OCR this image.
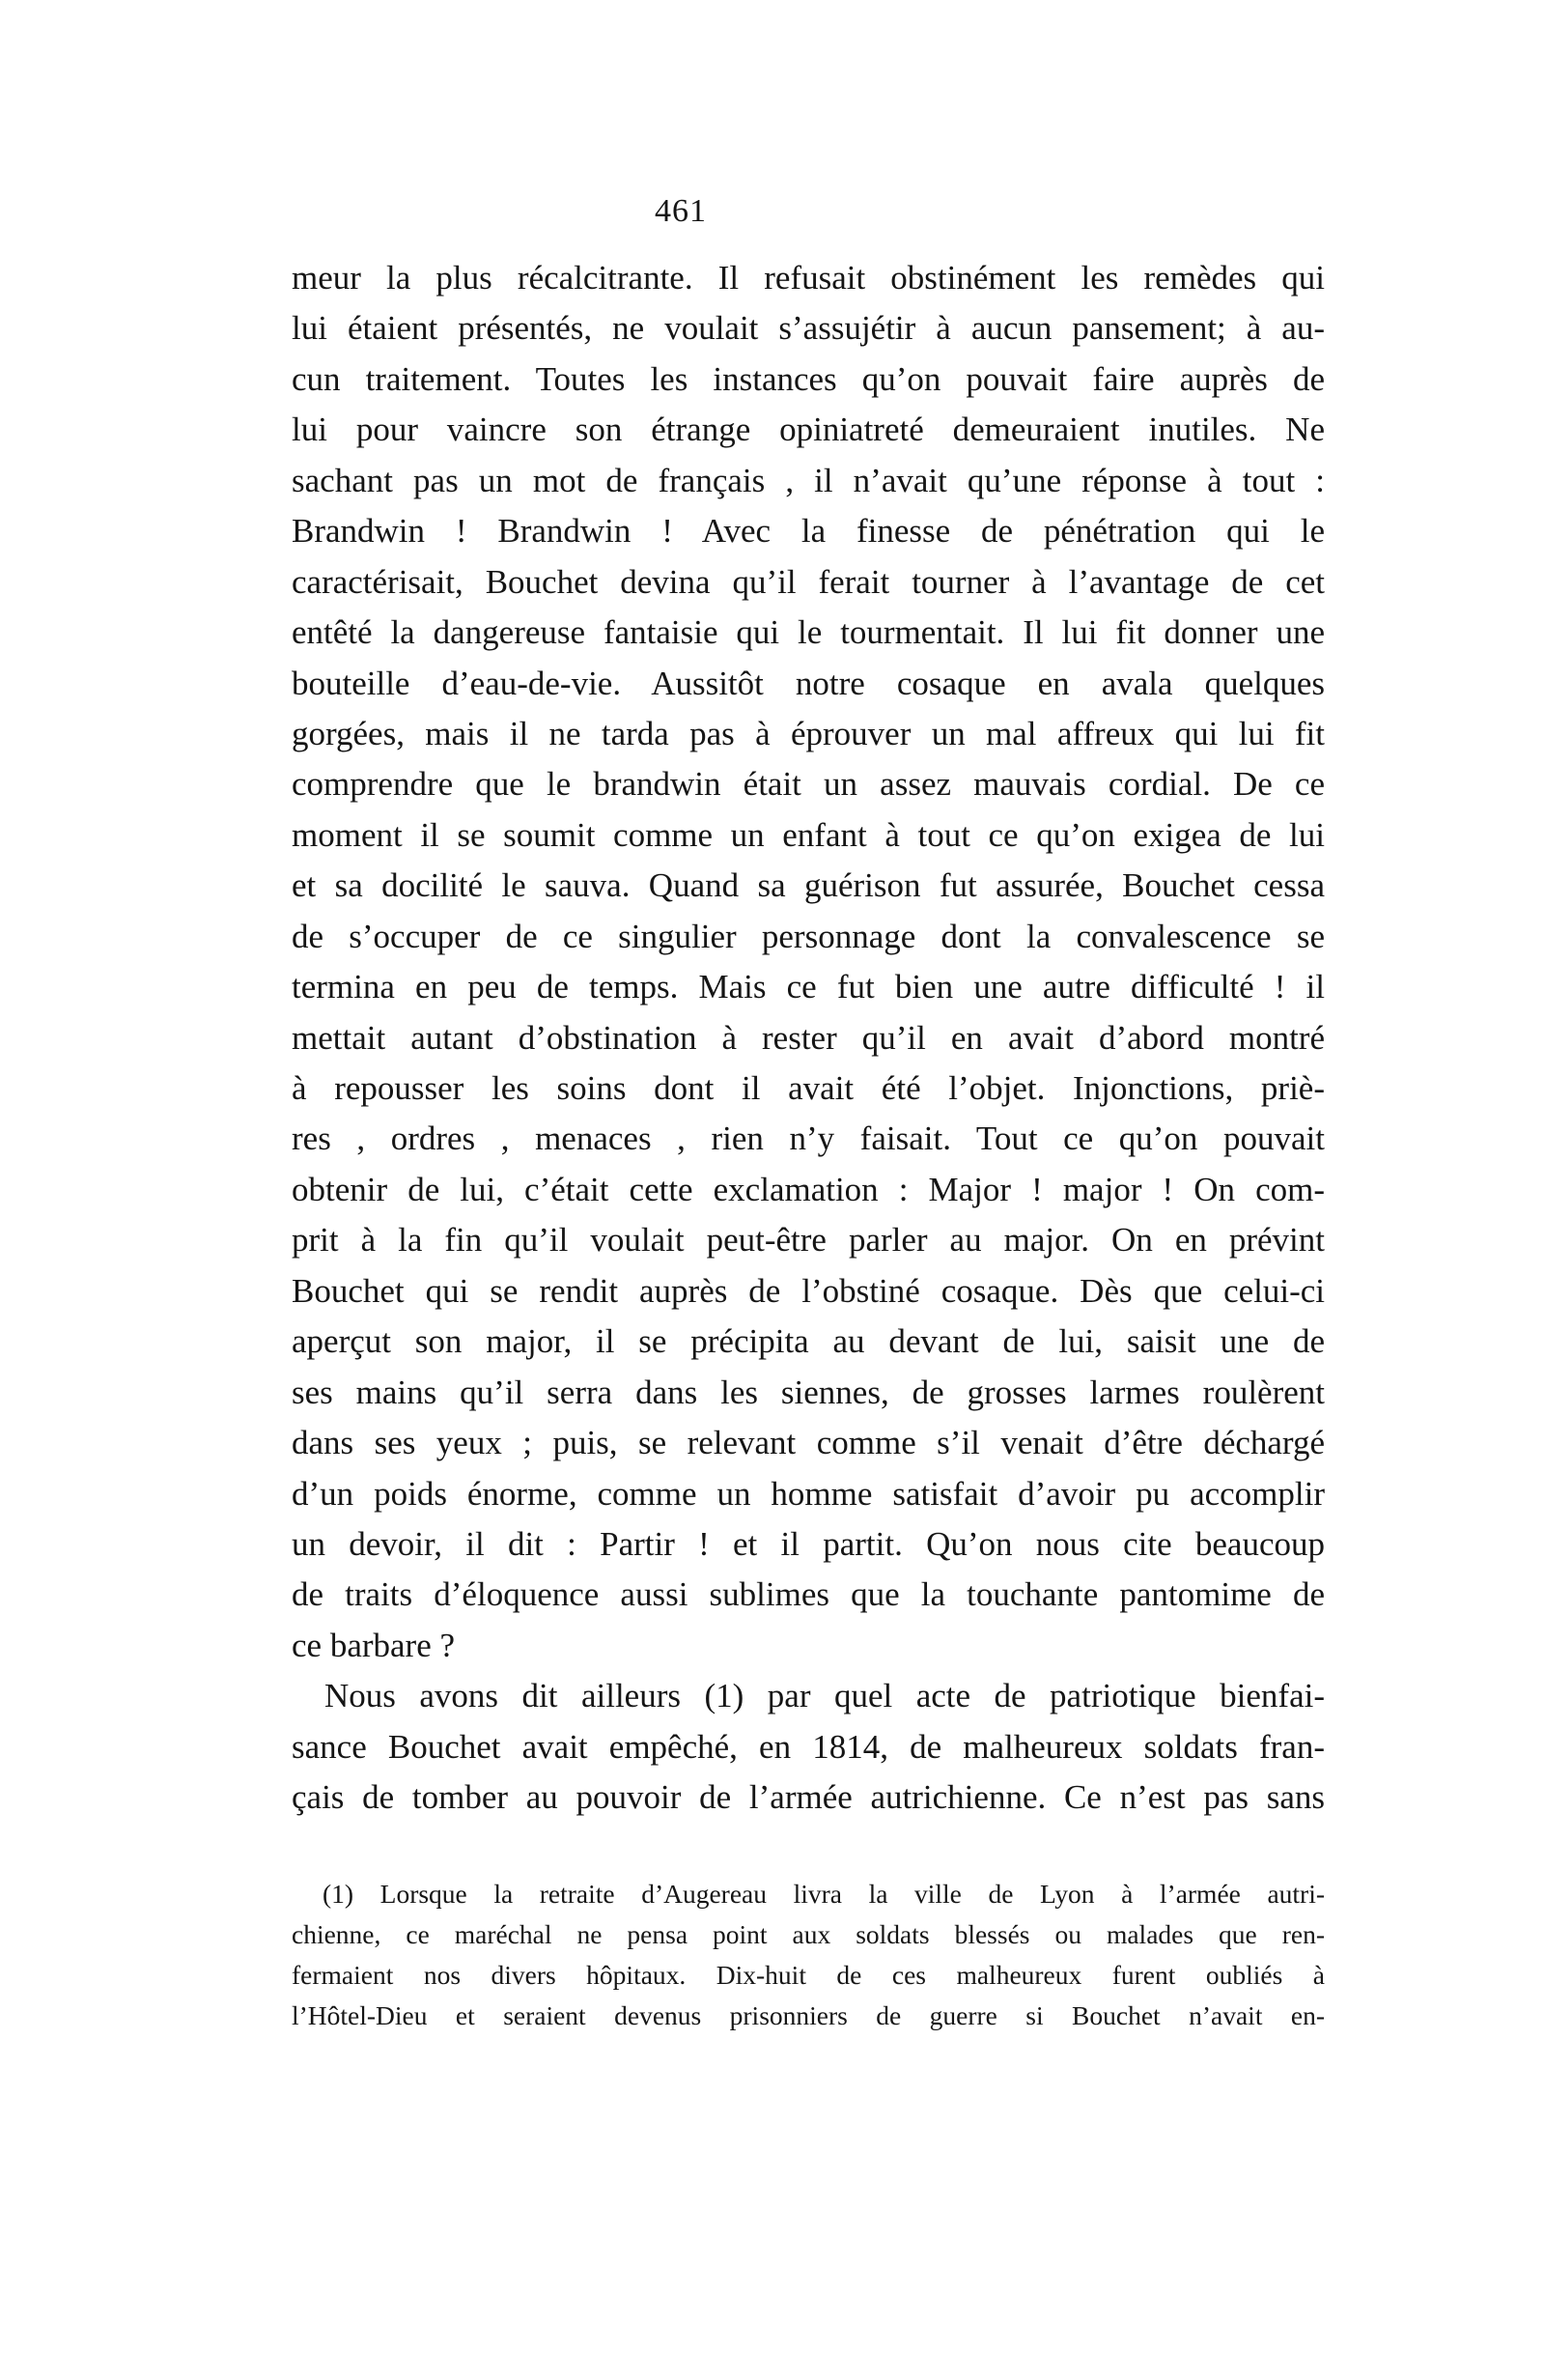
461
meur la plus récalcitrante. Il refusait obstinément les remèdes qui
lui étaient présentés, ne voulait s’assujétir à aucun pansement; à au-
cun traitement. Toutes les instances qu’on pouvait faire auprès de
lui pour vaincre son étrange opiniatreté demeuraient inutiles. Ne
sachant pas un mot de français , il n’avait qu’une réponse à tout :
Brandwin ! Brandwin ! Avec la finesse de pénétration qui le
caractérisait, Bouchet devina qu’il ferait tourner à l’avantage de cet
entêté la dangereuse fantaisie qui le tourmentait. Il lui fit donner une
bouteille d’eau-de-vie. Aussitôt notre cosaque en avala quelques
gorgées, mais il ne tarda pas à éprouver un mal affreux qui lui fit
comprendre que le brandwin était un assez mauvais cordial. De ce
moment il se soumit comme un enfant à tout ce qu’on exigea de lui
et sa docilité le sauva. Quand sa guérison fut assurée, Bouchet cessa
de s’occuper de ce singulier personnage dont la convalescence se
termina en peu de temps. Mais ce fut bien une autre difficulté ! il
mettait autant d’obstination à rester qu’il en avait d’abord montré
à repousser les soins dont il avait été l’objet. Injonctions, priè-
res , ordres , menaces , rien n’y faisait. Tout ce qu’on pouvait
obtenir de lui, c’était cette exclamation : Major ! major ! On com-
prit à la fin qu’il voulait peut-être parler au major. On en prévint
Bouchet qui se rendit auprès de l’obstiné cosaque. Dès que celui-ci
aperçut son major, il se précipita au devant de lui, saisit une de
ses mains qu’il serra dans les siennes, de grosses larmes roulèrent
dans ses yeux ; puis, se relevant comme s’il venait d’être déchargé
d’un poids énorme, comme un homme satisfait d’avoir pu accomplir
un devoir, il dit : Partir ! et il partit. Qu’on nous cite beaucoup
de traits d’éloquence aussi sublimes que la touchante pantomime de
ce barbare ?
Nous avons dit ailleurs (1) par quel acte de patriotique bienfai-
sance Bouchet avait empêché, en 1814, de malheureux soldats fran-
çais de tomber au pouvoir de l’armée autrichienne. Ce n’est pas sans
(1) Lorsque la retraite d’Augereau livra la ville de Lyon à l’armée autri-
chienne, ce maréchal ne pensa point aux soldats blessés ou malades que ren-
fermaient nos divers hôpitaux. Dix-huit de ces malheureux furent oubliés à
l’Hôtel-Dieu et seraient devenus prisonniers de guerre si Bouchet n’avait en-
